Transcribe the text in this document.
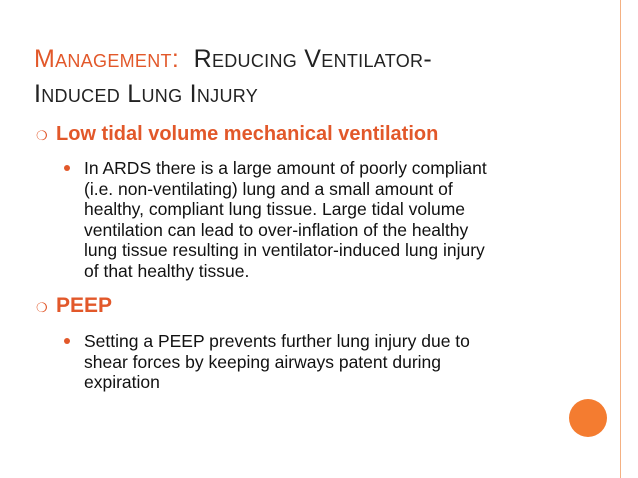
Management: Reducing Ventilator-
Induced Lung Injury
❍ Low tidal volume mechanical ventilation
In ARDS there is a large amount of poorly compliant
(i.e. non-ventilating) lung and a small amount of
healthy, compliant lung tissue. Large tidal volume
ventilation can lead to over-inflation of the healthy
lung tissue resulting in ventilator-induced lung injury
of that healthy tissue.
❍ PEEP
Setting a PEEP prevents further lung injury due to
shear forces by keeping airways patent during
expiration
